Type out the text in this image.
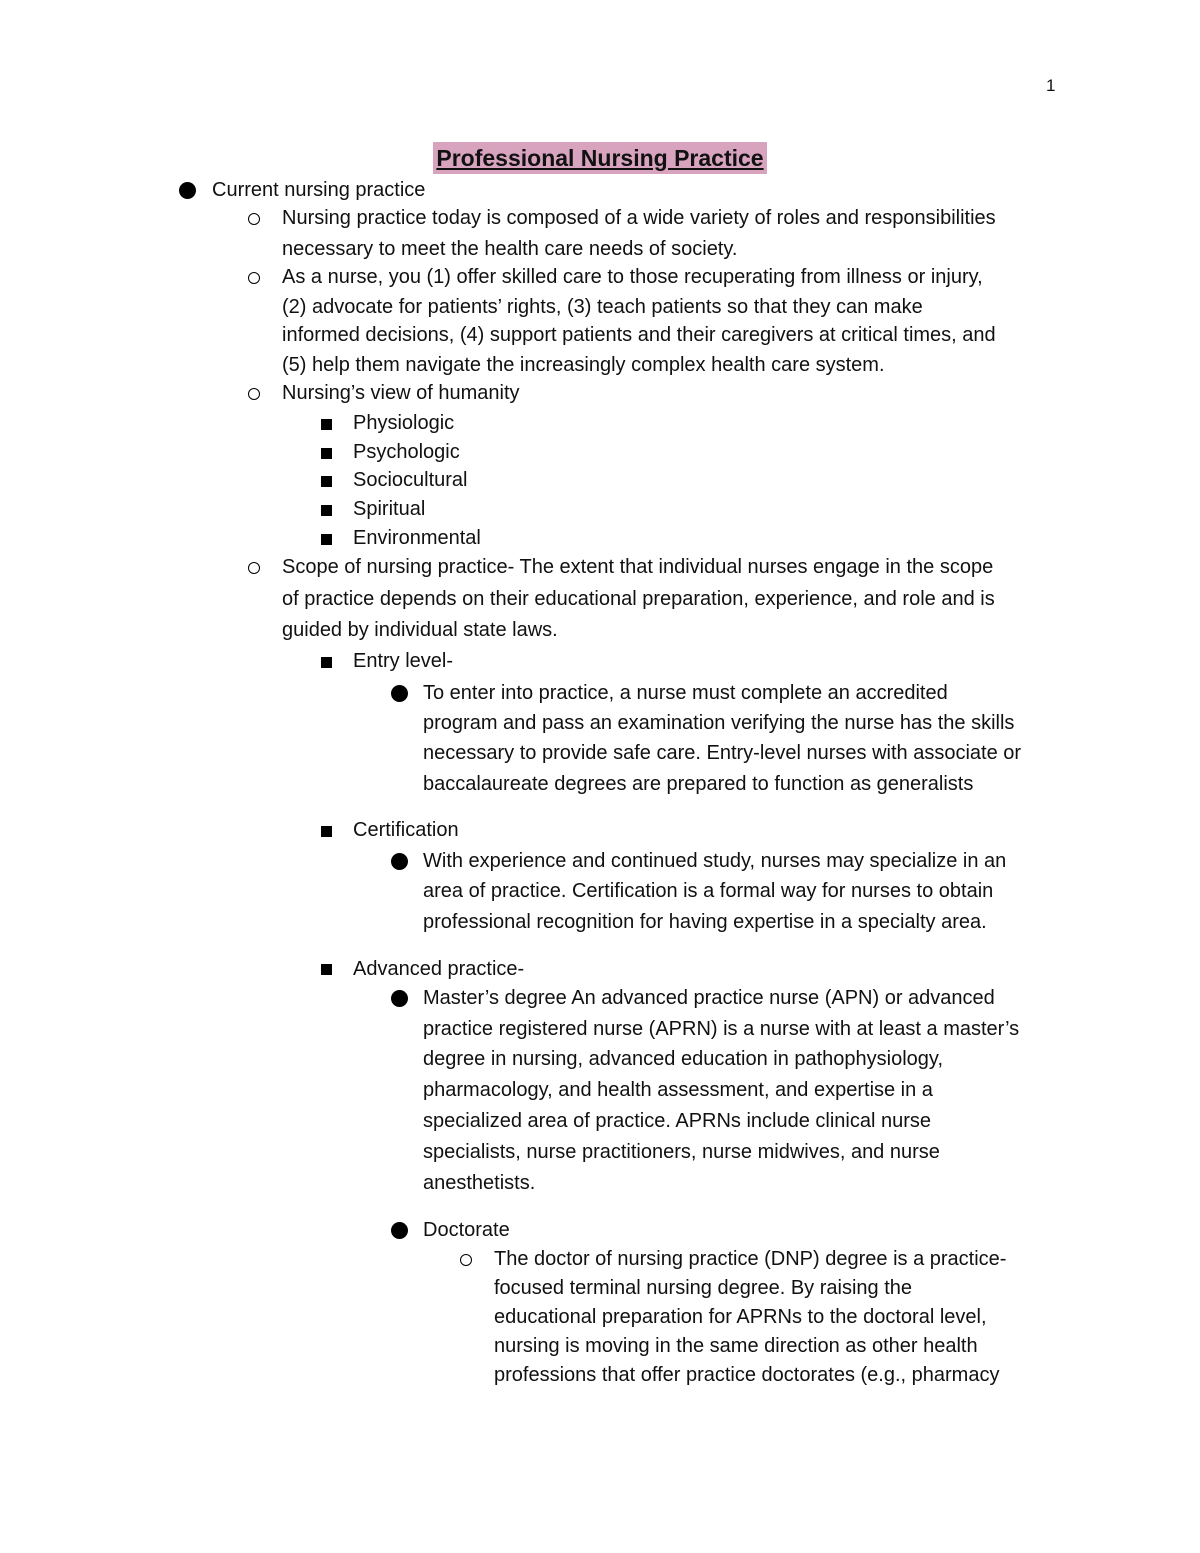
1
Professional Nursing Practice
Current nursing practice
Nursing practice today is composed of a wide variety of roles and responsibilities
necessary to meet the health care needs of society.
As a nurse, you (1) offer skilled care to those recuperating from illness or injury,
(2) advocate for patients’ rights, (3) teach patients so that they can make
informed decisions, (4) support patients and their caregivers at critical times, and
(5) help them navigate the increasingly complex health care system.
Nursing’s view of humanity
Physiologic
Psychologic
Sociocultural
Spiritual
Environmental
Scope of nursing practice- The extent that individual nurses engage in the scope
of practice depends on their educational preparation, experience, and role and is
guided by individual state laws.
Entry level-
To enter into practice, a nurse must complete an accredited
program and pass an examination verifying the nurse has the skills
necessary to provide safe care. Entry-level nurses with associate or
baccalaureate degrees are prepared to function as generalists
Certification
With experience and continued study, nurses may specialize in an
area of practice. Certification is a formal way for nurses to obtain
professional recognition for having expertise in a specialty area.
Advanced practice-
Master’s degree An advanced practice nurse (APN) or advanced
practice registered nurse (APRN) is a nurse with at least a master’s
degree in nursing, advanced education in pathophysiology,
pharmacology, and health assessment, and expertise in a
specialized area of practice. APRNs include clinical nurse
specialists, nurse practitioners, nurse midwives, and nurse
anesthetists.
Doctorate
The doctor of nursing practice (DNP) degree is a practice-
focused terminal nursing degree. By raising the
educational preparation for APRNs to the doctoral level,
nursing is moving in the same direction as other health
professions that offer practice doctorates (e.g., pharmacy
